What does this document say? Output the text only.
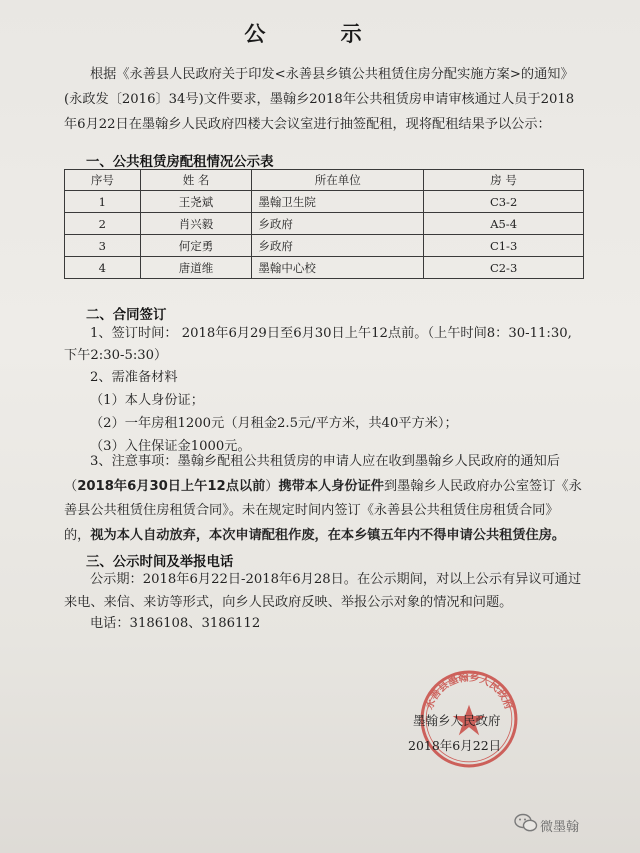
公 示
根据《永善县人民政府关于印发<永善县乡镇公共租赁住房分配实施方案>的通知》(永政发〔2016〕34号)文件要求，墨翰乡2018年公共租赁房申请审核通过人员于2018年6月22日在墨翰乡人民政府四楼大会议室进行抽签配租，现将配租结果予以公示：
一、公共租赁房配租情况公示表
序号	姓 名	所在单位	房 号
1	王尧斌	墨翰卫生院	C3-2
2	肖兴毅	乡政府	A5-4
3	何定勇	乡政府	C1-3
4	唐道维	墨翰中心校	C2-3
二、合同签订
1、签订时间： 2018年6月29日至6月30日上午12点前。（上午时间8：30-11:30,
下午2:30-5:30）
2、需准备材料
（1）本人身份证；
（2）一年房租1200元（月租金2.5元/平方米，共40平方米）；
（3）入住保证金1000元。
3、注意事项：墨翰乡配租公共租赁房的申请人应在收到墨翰乡人民政府的通知后（2018年6月30日上午12点以前）携带本人身份证件到墨翰乡人民政府办公室签订《永善县公共租赁住房租赁合同》。未在规定时间内签订《永善县公共租赁住房租赁合同》的，视为本人自动放弃，本次申请配租作废，在本乡镇五年内不得申请公共租赁住房。
三、公示时间及举报电话
公示期：2018年6月22日-2018年6月28日。在公示期间，对以上公示有异议可通过来电、来信、来访等形式，向乡人民政府反映、举报公示对象的情况和问题。
电话：3186108、3186112
永善县墨翰乡人民政府
墨翰乡人民政府
2018年6月22日
微墨翰
